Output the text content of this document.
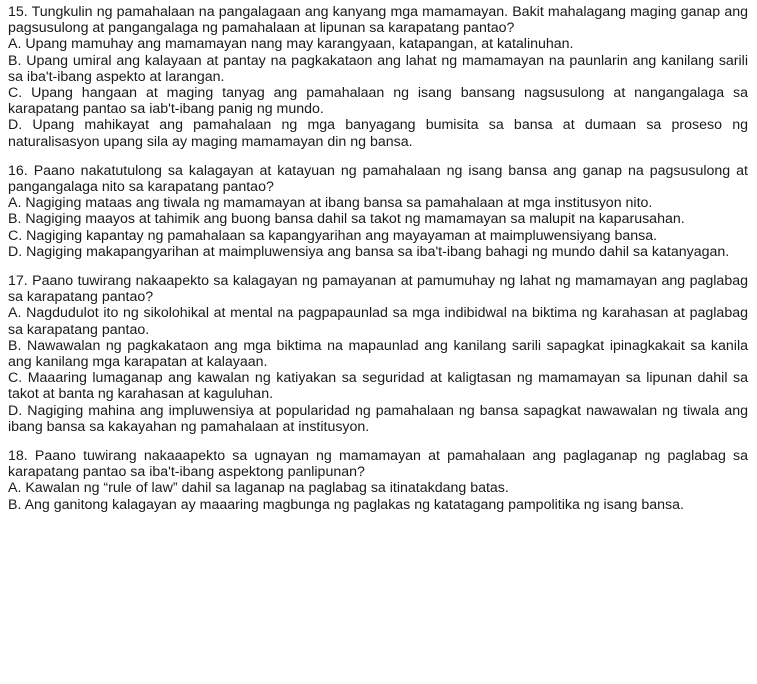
15. Tungkulin ng pamahalaan na pangalagaan ang kanyang mga mamamayan. Bakit mahalagang maging ganap ang pagsusulong at pangangalaga ng pamahalaan at lipunan sa karapatang pantao?
A. Upang mamuhay ang mamamayan nang may karangyaan, katapangan, at katalinuhan.
B. Upang umiral ang kalayaan at pantay na pagkakataon ang lahat ng mamamayan na paunlarin ang kanilang sarili sa iba't-ibang aspekto at larangan.
C. Upang hangaan at maging tanyag ang pamahalaan ng isang bansang nagsusulong at nangangalaga sa karapatang pantao sa iab't-ibang panig ng mundo.
D. Upang mahikayat ang pamahalaan ng mga banyagang bumisita sa bansa at dumaan sa proseso ng naturalisasyon upang sila ay maging mamamayan din ng bansa.
16. Paano nakatutulong sa kalagayan at katayuan ng pamahalaan ng isang bansa ang ganap na pagsusulong at pangangalaga nito sa karapatang pantao?
A. Nagiging mataas ang tiwala ng mamamayan at ibang bansa sa pamahalaan at mga institusyon nito.
B. Nagiging maayos at tahimik ang buong bansa dahil sa takot ng mamamayan sa malupit na kaparusahan.
C. Nagiging kapantay ng pamahalaan sa kapangyarihan ang mayayaman at maimpluwensiyang bansa.
D. Nagiging makapangyarihan at maimpluwensiya ang bansa sa iba't-ibang bahagi ng mundo dahil sa katanyagan.
17. Paano tuwirang nakaapekto sa kalagayan ng pamayanan at pamumuhay ng lahat ng mamamayan ang paglabag sa karapatang pantao?
A. Nagdudulot ito ng sikolohikal at mental na pagpapaunlad sa mga indibidwal na biktima ng karahasan at paglabag sa karapatang pantao.
B. Nawawalan ng pagkakataon ang mga biktima na mapaunlad ang kanilang sarili sapagkat ipinagkakait sa kanila ang kanilang mga karapatan at kalayaan.
C. Maaaring lumaganap ang kawalan ng katiyakan sa seguridad at kaligtasan ng mamamayan sa lipunan dahil sa takot at banta ng karahasan at kaguluhan.
D. Nagiging mahina ang impluwensiya at popularidad ng pamahalaan ng bansa sapagkat nawawalan ng tiwala ang ibang bansa sa kakayahan ng pamahalaan at institusyon.
18. Paano tuwirang nakaaapekto sa ugnayan ng mamamayan at pamahalaan ang paglaganap ng paglabag sa karapatang pantao sa iba't-ibang aspektong panlipunan?
A. Kawalan ng “rule of law” dahil sa laganap na paglabag sa itinatakdang batas.
B. Ang ganitong kalagayan ay maaaring magbunga ng paglakas ng katatagang pampolitika ng isang bansa.
